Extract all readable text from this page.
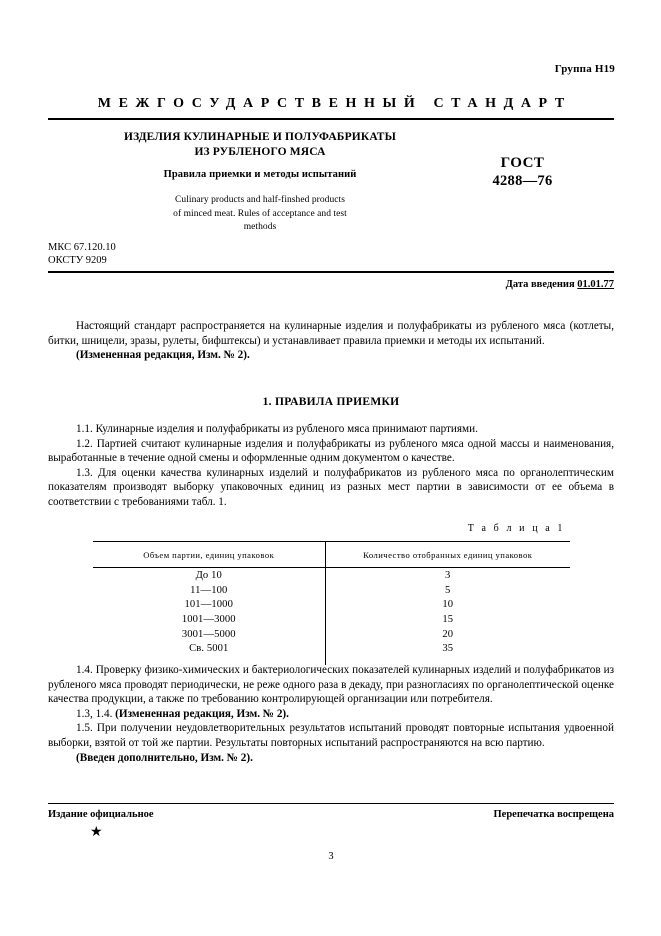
Группа Н19
МЕЖГОСУДАРСТВЕННЫЙ СТАНДАРТ
ИЗДЕЛИЯ КУЛИНАРНЫЕ И ПОЛУФАБРИКАТЫ
ИЗ РУБЛЕНОГО МЯСА
Правила приемки и методы испытаний
Culinary products and half-finshed products
of minced meat. Rules of acceptance and test
methods
ГОСТ
4288—76
МКС 67.120.10
ОКСТУ 9209
Дата введения 01.01.77

Настоящий стандарт распространяется на кулинарные изделия и полуфабрикаты из рубленого мяса (котлеты, битки, шницели, зразы, рулеты, бифштексы) и устанавливает правила приемки и методы их испытаний.

(Измененная редакция, Изм. № 2).

1. ПРАВИЛА ПРИЕМКИ

1.1. Кулинарные изделия и полуфабрикаты из рубленого мяса принимают партиями.

1.2. Партией считают кулинарные изделия и полуфабрикаты из рубленого мяса одной массы и наименования, выработанные в течение одной смены и оформленные одним документом о качестве.

1.3. Для оценки качества кулинарных изделий и полуфабрикатов из рубленого мяса по органолептическим показателям производят выборку упаковочных единиц из разных мест партии в зависимости от ее объема в соответствии с требованиями табл. 1.

Т а б л и ц а 1
Объем партии, единиц упаковок	Количество отобранных единиц упаковок
До 10	3
11—100	5
101—1000	10
1001—3000	15
3001—5000	20
Св. 5001	35

1.4. Проверку физико-химических и бактериологических показателей кулинарных изделий и полуфабрикатов из рубленого мяса проводят периодически, не реже одного раза в декаду, при разногласиях по органолептической оценке качества продукции, а также по требованию контролирующей организации или потребителя.

1.3, 1.4. (Измененная редакция, Изм. № 2).

1.5. При получении неудовлетворительных результатов испытаний проводят повторные испытания удвоенной выборки, взятой от той же партии. Результаты повторных испытаний распространяются на всю партию.

(Введен дополнительно, Изм. № 2).

Издание официальное	Перепечатка воспрещена
★
3
